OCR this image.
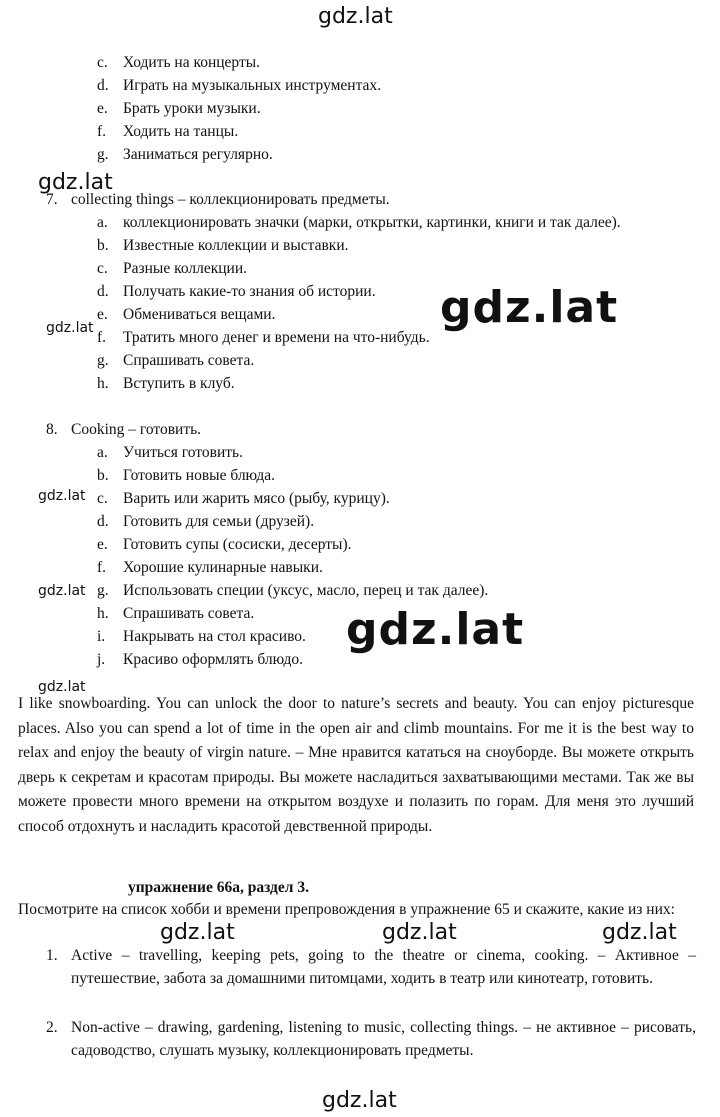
gdz.lat
gdz.lat
gdz.lat
gdz.lat
gdz.lat
gdz.lat
gdz.lat
gdz.lat
gdz.lat	gdz.lat	gdz.lat
gdz.lat
c. Ходить на концерты.
d. Играть на музыкальных инструментах.
e. Брать уроки музыки.
f. Ходить на танцы.
g. Заниматься регулярно.
7. collecting things – коллекционировать предметы.
a. коллекционировать значки (марки, открытки, картинки, книги и так далее).
b. Известные коллекции и выставки.
c. Разные коллекции.
d. Получать какие-то знания об истории.
e. Обмениваться вещами.
f. Тратить много денег и времени на что-нибудь.
g. Спрашивать совета.
h. Вступить в клуб.
8. Cooking – готовить.
a. Учиться готовить.
b. Готовить новые блюда.
c. Варить или жарить мясо (рыбу, курицу).
d. Готовить для семьи (друзей).
e. Готовить супы (сосиски, десерты).
f. Хорошие кулинарные навыки.
g. Использовать специи (уксус, масло, перец и так далее).
h. Спрашивать совета.
i. Накрывать на стол красиво.
j. Красиво оформлять блюдо.
I like snowboarding. You can unlock the door to nature’s secrets and beauty. You can enjoy picturesque places. Also you can spend a lot of time in the open air and climb mountains. For me it is the best way to relax and enjoy the beauty of virgin nature. – Мне нравится кататься на сноуборде. Вы можете открыть дверь к секретам и красотам природы. Вы можете насладиться захватывающими местами. Так же вы можете провести много времени на открытом воздухе и полазить по горам. Для меня это лучший способ отдохнуть и насладить красотой девственной природы.
упражнение 66а, раздел 3.
Посмотрите на список хобби и времени препровождения в упражнение 65 и скажите, какие из них:
1. Active – travelling, keeping pets, going to the theatre or cinema, cooking. – Активное – путешествие, забота за домашними питомцами, ходить в театр или кинотеатр, готовить.
2. Non-active – drawing, gardening, listening to music, collecting things. – не активное – рисовать, садоводство, слушать музыку, коллекционировать предметы.
